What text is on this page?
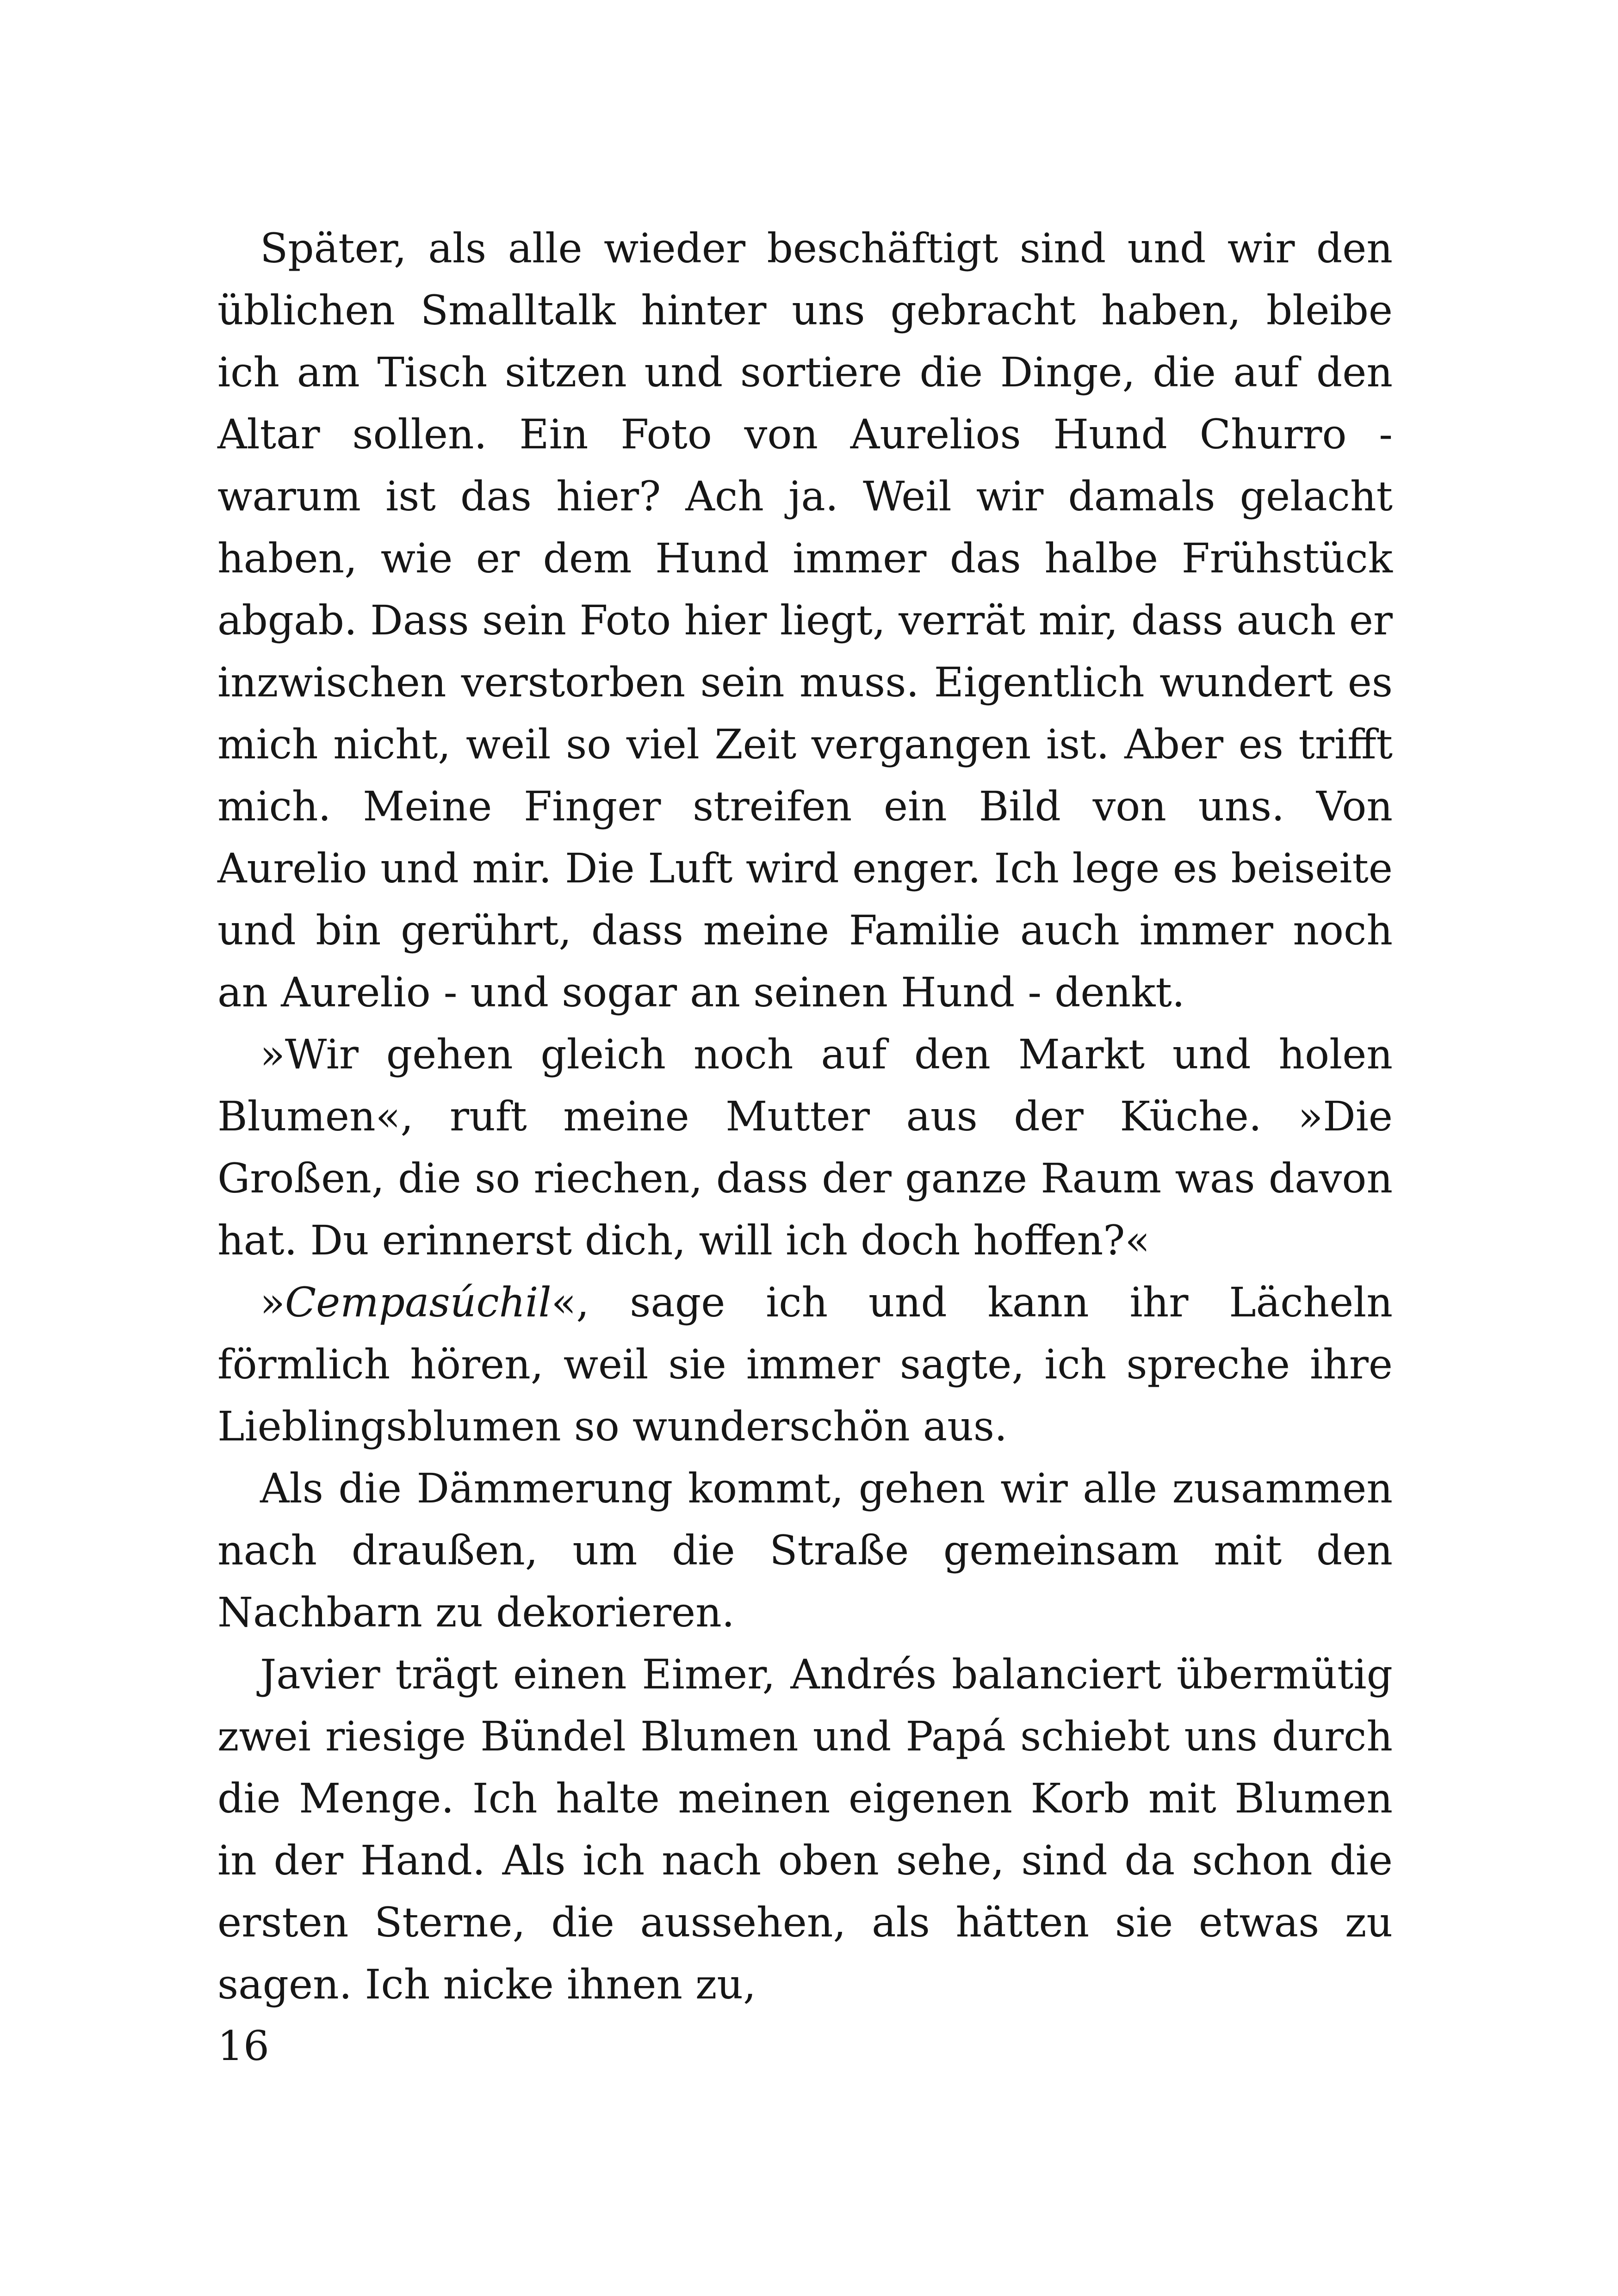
Später, als alle wieder beschäftigt sind und wir den üblichen Smalltalk hinter uns gebracht haben, bleibe ich am Tisch sitzen und sortiere die Dinge, die auf den Altar sollen. Ein Foto von Aurelios Hund Churro - warum ist das hier? Ach ja. Weil wir damals gelacht haben, wie er dem Hund immer das halbe Frühstück abgab. Dass sein Foto hier liegt, verrät mir, dass auch er inzwischen verstorben sein muss. Eigentlich wundert es mich nicht, weil so viel Zeit vergangen ist. Aber es trifft mich. Meine Finger streifen ein Bild von uns. Von Aurelio und mir. Die Luft wird enger. Ich lege es beiseite und bin gerührt, dass meine Familie auch immer noch an Aurelio - und sogar an seinen Hund - denkt.

»Wir gehen gleich noch auf den Markt und holen Blumen«, ruft meine Mutter aus der Küche. »Die Großen, die so riechen, dass der ganze Raum was davon hat. Du erinnerst dich, will ich doch hoffen?«

»Cempasúchil«, sage ich und kann ihr Lächeln förmlich hören, weil sie immer sagte, ich spreche ihre Lieblingsblumen so wunderschön aus.

Als die Dämmerung kommt, gehen wir alle zusammen nach draußen, um die Straße gemeinsam mit den Nachbarn zu dekorieren.

Javier trägt einen Eimer, Andrés balanciert übermütig zwei riesige Bündel Blumen und Papá schiebt uns durch die Menge. Ich halte meinen eigenen Korb mit Blumen in der Hand. Als ich nach oben sehe, sind da schon die ersten Sterne, die aussehen, als hätten sie etwas zu sagen. Ich nicke ihnen zu,

16
